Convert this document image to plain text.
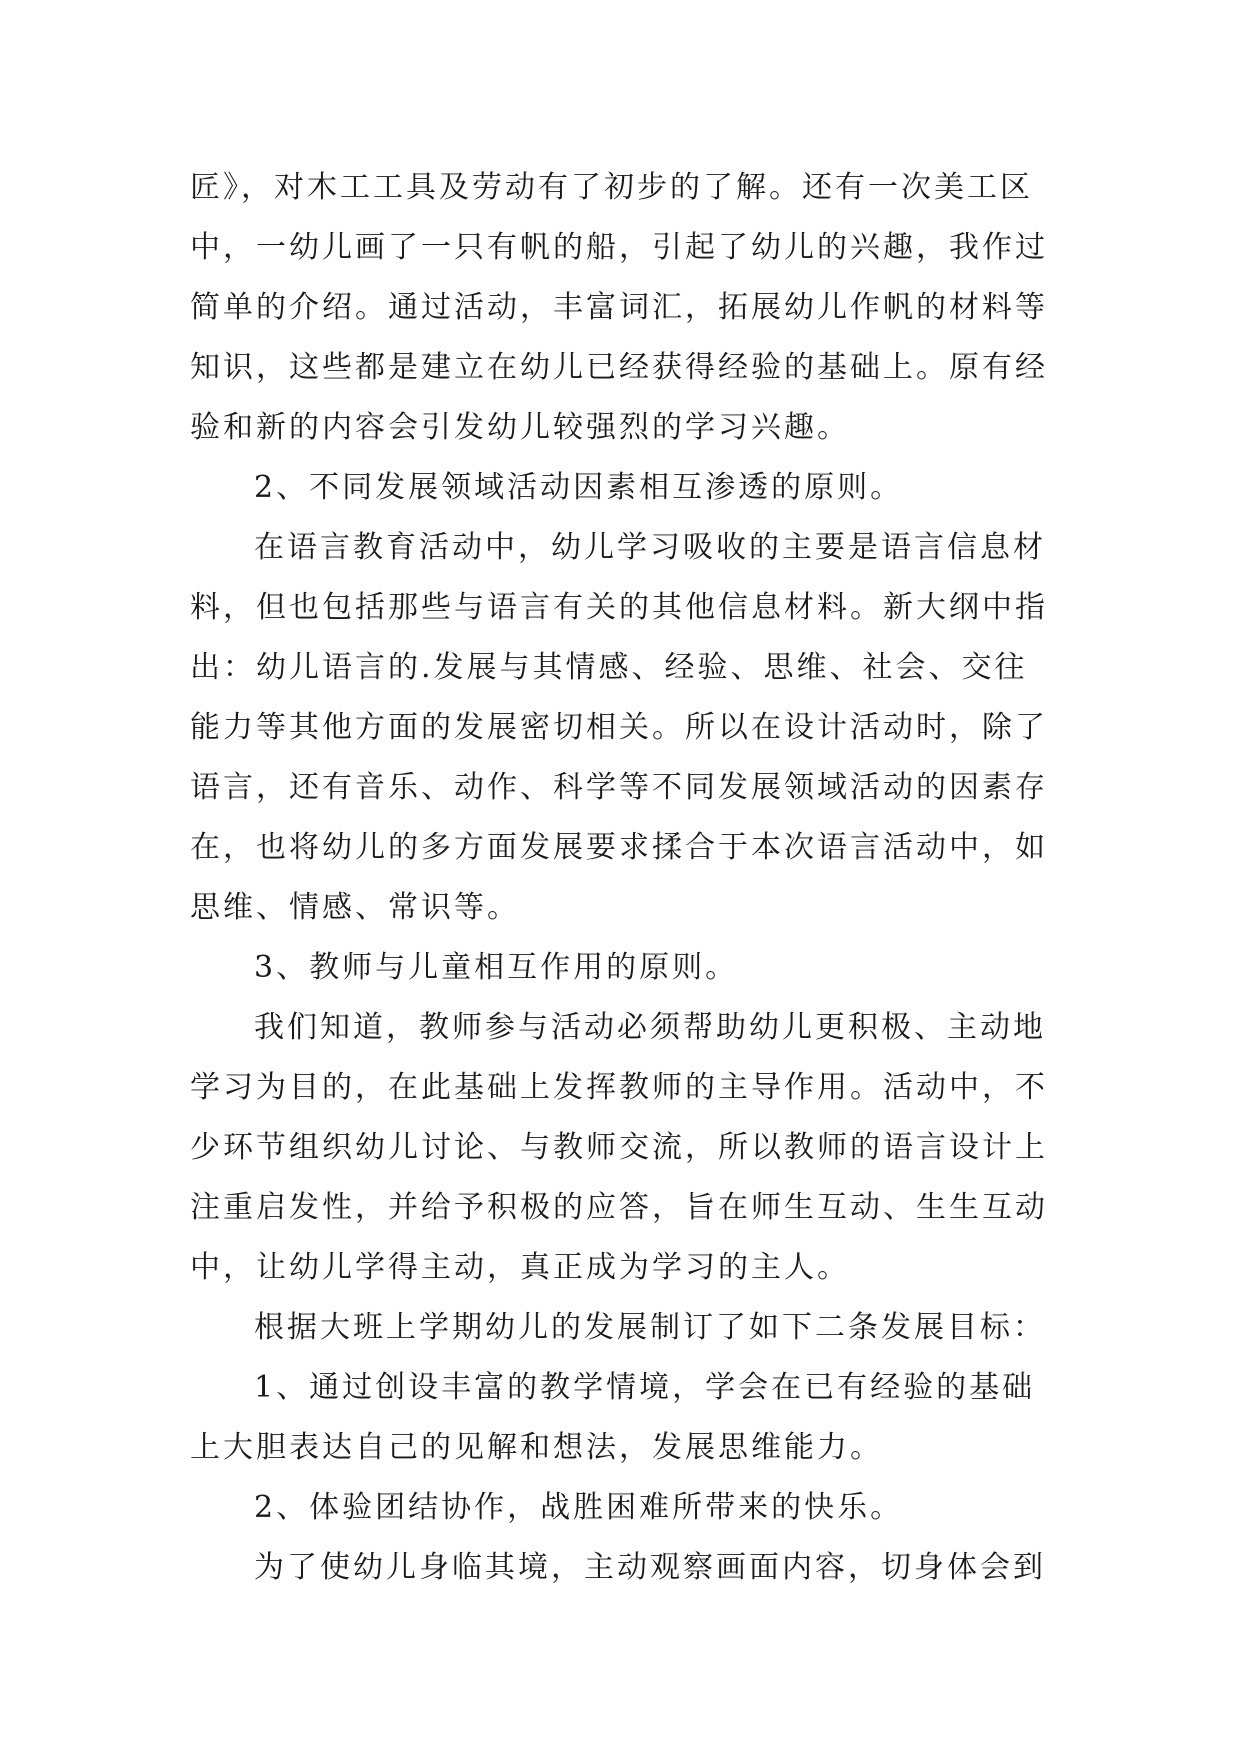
匠》，对木工工具及劳动有了初步的了解。还有一次美工区
中，一幼儿画了一只有帆的船，引起了幼儿的兴趣，我作过
简单的介绍。通过活动，丰富词汇，拓展幼儿作帆的材料等
知识，这些都是建立在幼儿已经获得经验的基础上。原有经
验和新的内容会引发幼儿较强烈的学习兴趣。
2、不同发展领域活动因素相互渗透的原则。
在语言教育活动中，幼儿学习吸收的主要是语言信息材
料，但也包括那些与语言有关的其他信息材料。新大纲中指
出：幼儿语言的.发展与其情感、经验、思维、社会、交往
能力等其他方面的发展密切相关。所以在设计活动时，除了
语言，还有音乐、动作、科学等不同发展领域活动的因素存
在，也将幼儿的多方面发展要求揉合于本次语言活动中，如
思维、情感、常识等。
3、教师与儿童相互作用的原则。
我们知道，教师参与活动必须帮助幼儿更积极、主动地
学习为目的，在此基础上发挥教师的主导作用。活动中，不
少环节组织幼儿讨论、与教师交流，所以教师的语言设计上
注重启发性，并给予积极的应答，旨在师生互动、生生互动
中，让幼儿学得主动，真正成为学习的主人。
根据大班上学期幼儿的发展制订了如下二条发展目标：
1、通过创设丰富的教学情境，学会在已有经验的基础
上大胆表达自己的见解和想法，发展思维能力。
2、体验团结协作，战胜困难所带来的快乐。
为了使幼儿身临其境，主动观察画面内容，切身体会到
